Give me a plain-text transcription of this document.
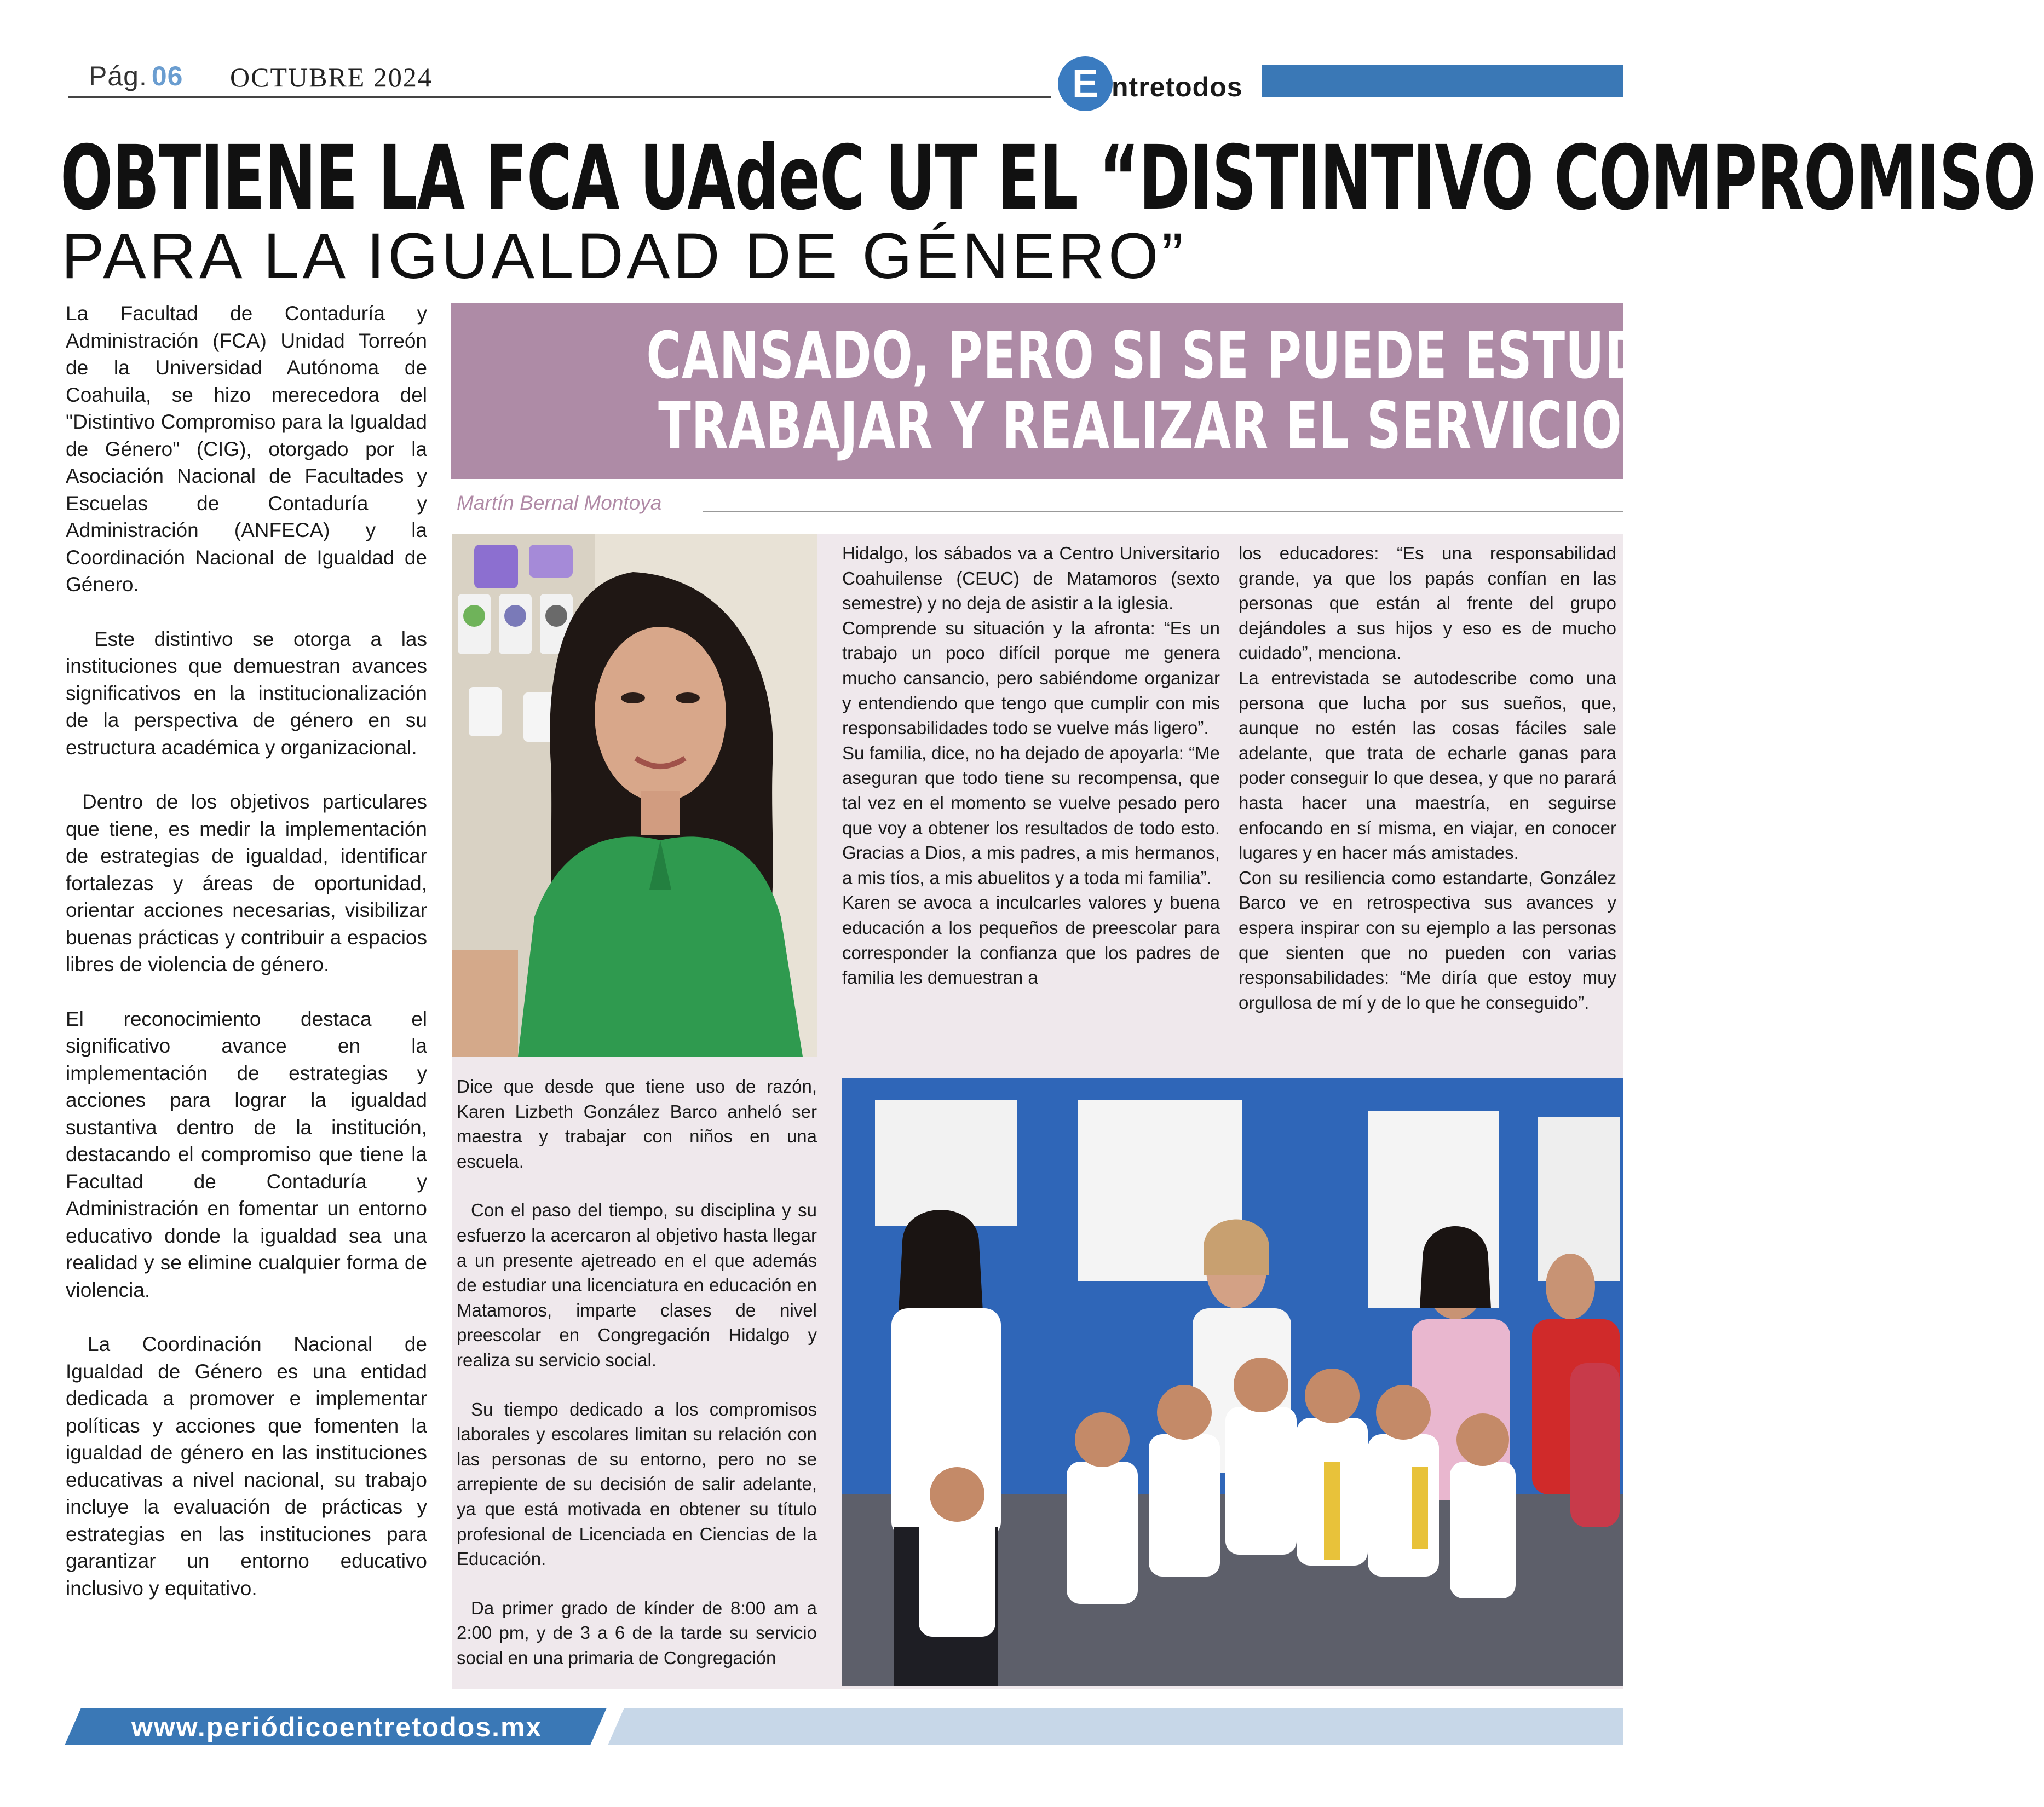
Pág. 06 OCTUBRE 2024	E ntretodos
OBTIENE LA FCA UAdeC UT EL “DISTINTIVO COMPROMISO
PARA LA IGUALDAD DE GÉNERO”

La Facultad de Contaduría y Administración (FCA) Unidad Torreón de la Universidad Autónoma de Coahuila, se hizo merecedora del "Distintivo Compromiso para la Igualdad de Género" (CIG), otorgado por la Asociación Nacional de Facultades y Escuelas de Contaduría y Administración (ANFECA) y la Coordinación Nacional de Igualdad de Género.

Este distintivo se otorga a las instituciones que demuestran avances significativos en la institucionalización de la perspectiva de género en su estructura académica y organizacional.

Dentro de los objetivos particulares que tiene, es medir la implementación de estrategias de igualdad, identificar fortalezas y áreas de oportunidad, orientar acciones necesarias, visibilizar buenas prácticas y contribuir a espacios libres de violencia de género.

El reconocimiento destaca el significativo avance en la implementación de estrategias y acciones para lograr la igualdad sustantiva dentro de la institución, destacando el compromiso que tiene la Facultad de Contaduría y Administración en fomentar un entorno educativo donde la igualdad sea una realidad y se elimine cualquier forma de violencia.

La Coordinación Nacional de Igualdad de Género es una entidad dedicada a promover e implementar políticas y acciones que fomenten la igualdad de género en las instituciones educativas a nivel nacional, su trabajo incluye la evaluación de prácticas y estrategias en las instituciones para garantizar un entorno educativo inclusivo y equitativo.

CANSADO, PERO SI SE PUEDE ESTUDIAR,
TRABAJAR Y REALIZAR EL SERVICIO SOCIAL
Martín Bernal Montoya

Dice que desde que tiene uso de razón, Karen Lizbeth González Barco anheló ser maestra y trabajar con niños en una escuela.

Con el paso del tiempo, su disciplina y su esfuerzo la acercaron al objetivo hasta llegar a un presente ajetreado en el que además de estudiar una licenciatura en educación en Matamoros, imparte clases de nivel preescolar en Congregación Hidalgo y realiza su servicio social.

Su tiempo dedicado a los compromisos laborales y escolares limitan su relación con las personas de su entorno, pero no se arrepiente de su decisión de salir adelante, ya que está motivada en obtener su título profesional de Licenciada en Ciencias de la Educación.

Da primer grado de kínder de 8:00 am a 2:00 pm, y de 3 a 6 de la tarde su servicio social en una primaria de Congregación

Hidalgo, los sábados va a Centro Universitario Coahuilense (CEUC) de Matamoros (sexto semestre) y no deja de asistir a la iglesia.

Comprende su situación y la afronta: “Es un trabajo un poco difícil porque me genera mucho cansancio, pero sabiéndome organizar y entendiendo que tengo que cumplir con mis responsabilidades todo se vuelve más ligero”.

Su familia, dice, no ha dejado de apoyarla: “Me aseguran que todo tiene su recompensa, que tal vez en el momento se vuelve pesado pero que voy a obtener los resultados de todo esto. Gracias a Dios, a mis padres, a mis hermanos, a mis tíos, a mis abuelitos y a toda mi familia”.

Karen se avoca a inculcarles valores y buena educación a los pequeños de preescolar para corresponder la confianza que los padres de familia les demuestran a

los educadores: “Es una responsabilidad grande, ya que los papás confían en las personas que están al frente del grupo dejándoles a sus hijos y eso es de mucho cuidado”, menciona.

La entrevistada se autodescribe como una persona que lucha por sus sueños, que, aunque no estén las cosas fáciles sale adelante, que trata de echarle ganas para poder conseguir lo que desea, y que no parará hasta hacer una maestría, en seguirse enfocando en sí misma, en viajar, en conocer lugares y en hacer más amistades.

Con su resiliencia como estandarte, González Barco ve en retrospectiva sus avances y espera inspirar con su ejemplo a las personas que sienten que no pueden con varias responsabilidades: “Me diría que estoy muy orgullosa de mí y de lo que he conseguido”.

www.periódicoentretodos.mx
